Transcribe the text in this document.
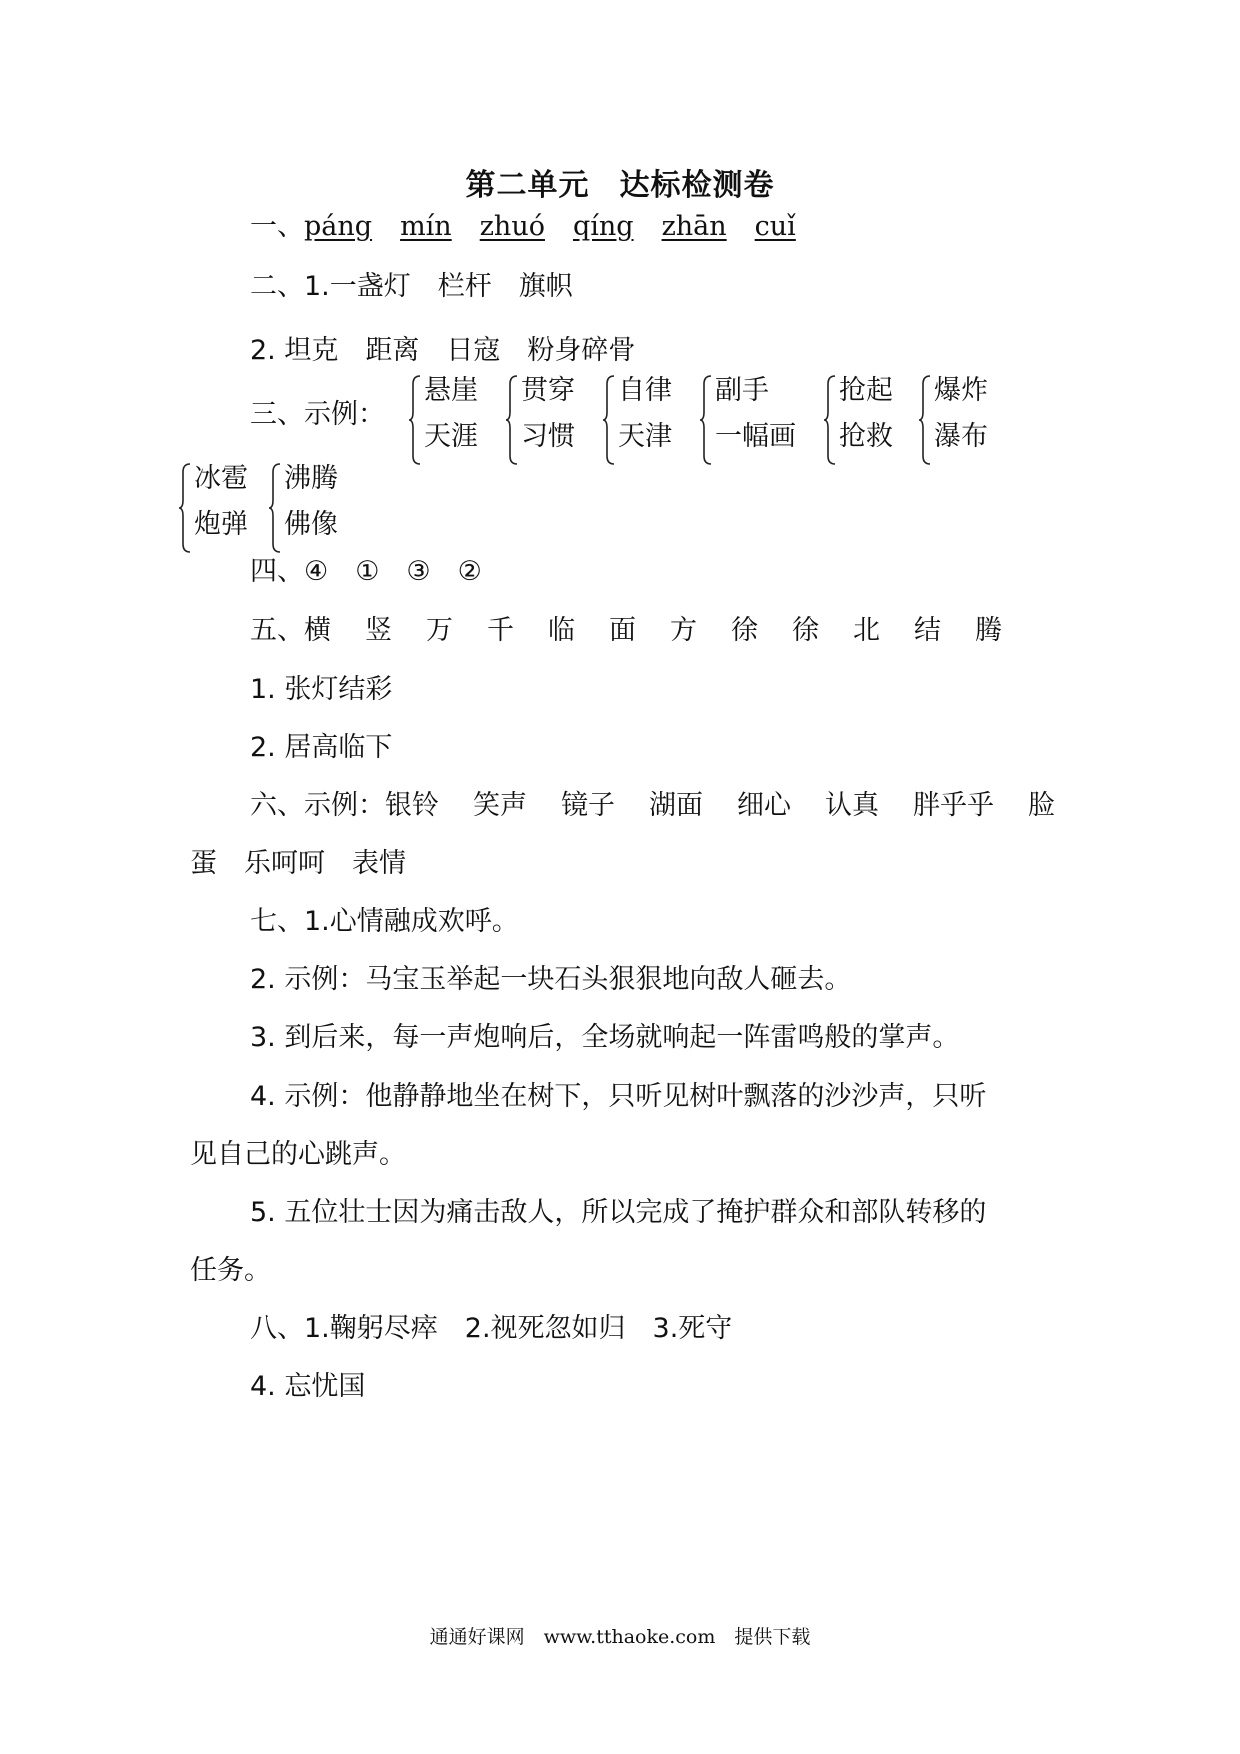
第二单元 达标检测卷
一、páng mín zhuó qíng zhān cuǐ
二、1.一盏灯　栏杆　旗帜
2. 坦克　距离　日寇　粉身碎骨
三、示例：
悬崖
天涯
贯穿
习惯
自律
天津
副手
一幅画
抢起
抢救
爆炸
瀑布
冰雹
炮弹
沸腾
佛像
四、④　①　③　②
五、横 竖 万 千 临 面 方 徐 徐 北 结 腾
1. 张灯结彩
2. 居高临下
六、示例：银铃 笑声 镜子 湖面 细心 认真 胖乎乎 脸
蛋　乐呵呵　表情
七、1.心情融成欢呼。
2. 示例：马宝玉举起一块石头狠狠地向敌人砸去。
3. 到后来，每一声炮响后，全场就响起一阵雷鸣般的掌声。
4. 示例：他静静地坐在树下，只听见树叶飘落的沙沙声，只听
见自己的心跳声。
5. 五位壮士因为痛击敌人，所以完成了掩护群众和部队转移的
任务。
八、1.鞠躬尽瘁　2.视死忽如归　3.死守
4. 忘忧国
通通好课网　www.tthaoke.com　提供下载
